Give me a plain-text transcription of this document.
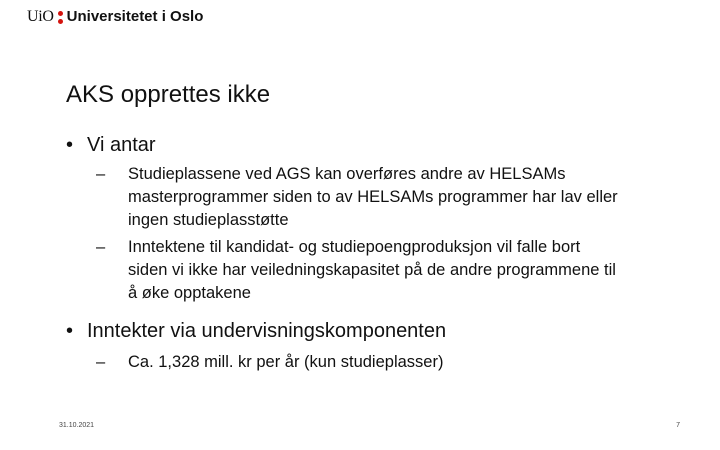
UiO Universitetet i Oslo
AKS opprettes ikke
• Vi antar
– Studieplassene ved AGS kan overføres andre av HELSAMs
masterprogrammer siden to av HELSAMs programmer har lav eller
ingen studieplasstøtte
– Inntektene til kandidat- og studiepoengproduksjon vil falle bort
siden vi ikke har veiledningskapasitet på de andre programmene til
å øke opptakene
• Inntekter via undervisningskomponenten
– Ca. 1,328 mill. kr per år (kun studieplasser)
31.10.2021	7
